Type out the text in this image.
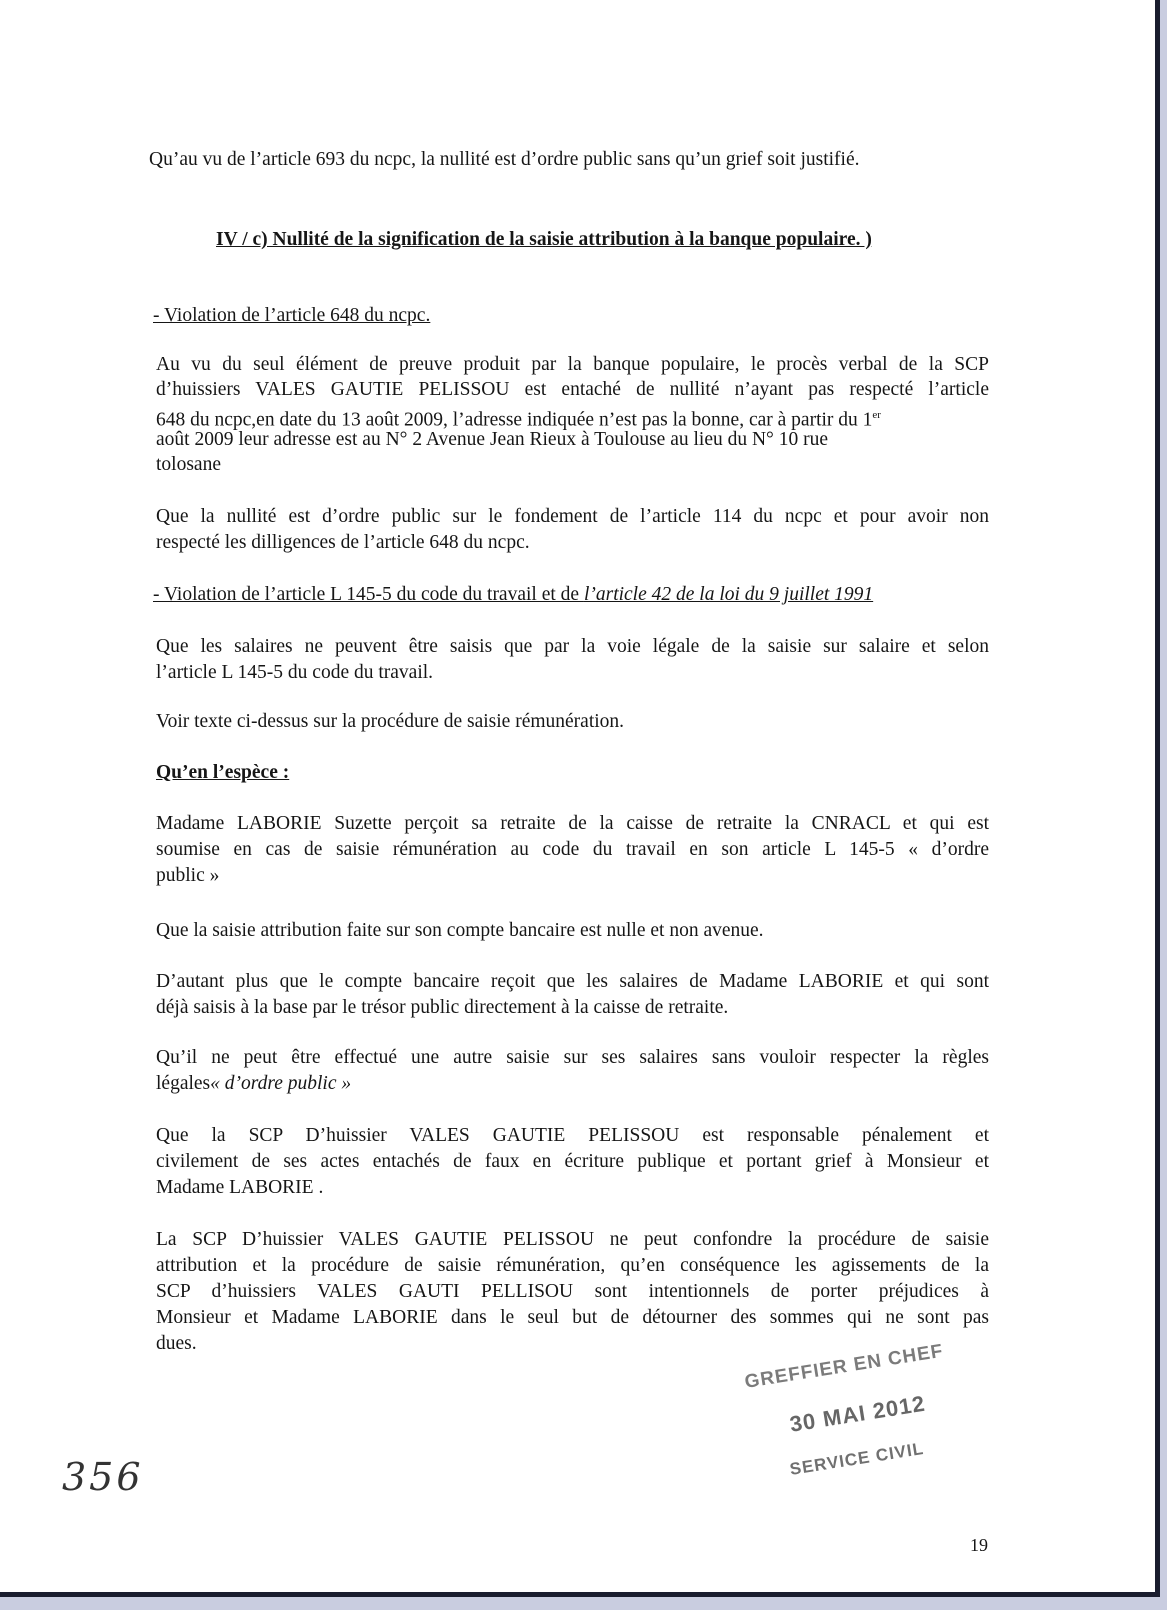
Qu’au vu de l’article 693 du ncpc, la nullité est d’ordre public sans qu’un grief soit justifié.
IV / c) Nullité de la signification de la saisie attribution à la banque populaire. )
- Violation de l’article 648 du ncpc.
Au vu du seul élément de preuve produit par la banque populaire, le procès verbal de la SCP
d’huissiers VALES GAUTIE PELISSOU est entaché de nullité n’ayant pas respecté l’article
648 du ncpc,en date du 13 août 2009, l’adresse indiquée n’est pas la bonne, car à partir du 1er
août 2009 leur adresse est au N° 2 Avenue Jean Rieux à Toulouse au lieu du N° 10 rue
tolosane
Que la nullité est d’ordre public sur le fondement de l’article 114 du ncpc et pour avoir non
respecté les dilligences de l’article 648 du ncpc.
- Violation de l’article L 145-5 du code du travail et de l’article 42 de la loi du 9 juillet 1991
Que les salaires ne peuvent être saisis que par la voie légale de la saisie sur salaire et selon
l’article L 145-5 du code du travail.
Voir texte ci-dessus sur la procédure de saisie rémunération.
Qu’en l’espèce :
Madame LABORIE Suzette perçoit sa retraite de la caisse de retraite la CNRACL et qui est
soumise en cas de saisie rémunération au code du travail en son article L 145-5 « d’ordre
public »
Que la saisie attribution faite sur son compte bancaire est nulle et non avenue.
D’autant plus que le compte bancaire reçoit que les salaires de Madame LABORIE et qui sont
déjà saisis à la base par le trésor public directement à la caisse de retraite.
Qu’il ne peut être effectué une autre saisie sur ses salaires sans vouloir respecter la règles
légales« d’ordre public »
Que la SCP D’huissier VALES GAUTIE PELISSOU est responsable pénalement et
civilement de ses actes entachés de faux en écriture publique et portant grief à Monsieur et
Madame LABORIE .
La SCP D’huissier VALES GAUTIE PELISSOU ne peut confondre la procédure de saisie
attribution et la procédure de saisie rémunération, qu’en conséquence les agissements de la
SCP d’huissiers VALES GAUTI PELLISOU sont intentionnels de porter préjudices à
Monsieur et Madame LABORIE dans le seul but de détourner des sommes qui ne sont pas
dues.	GREFFIER EN CHEF
30 MAI 2012
SERVICE CIVIL
356
19
